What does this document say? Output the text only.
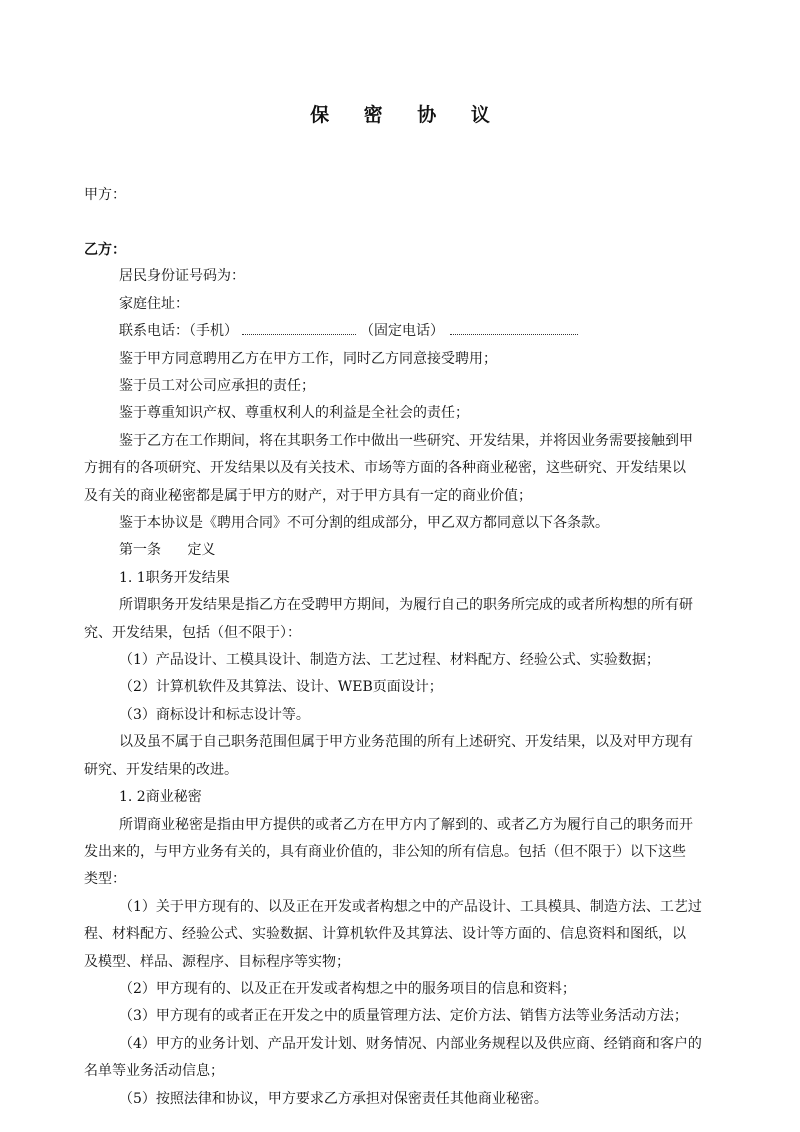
保 密 协 议
甲方：
乙方：
居民身份证号码为：
家庭住址：
联系电话：（手机）	（固定电话）
鉴于甲方同意聘用乙方在甲方工作，同时乙方同意接受聘用；
鉴于员工对公司应承担的责任；
鉴于尊重知识产权、尊重权利人的利益是全社会的责任；
鉴于乙方在工作期间，将在其职务工作中做出一些研究、开发结果，并将因业务需要接触到甲
方拥有的各项研究、开发结果以及有关技术、市场等方面的各种商业秘密，这些研究、开发结果以
及有关的商业秘密都是属于甲方的财产，对于甲方具有一定的商业价值；
鉴于本协议是《聘用合同》不可分割的组成部分，甲乙双方都同意以下各条款。
第一条 定义
1. 1职务开发结果
所谓职务开发结果是指乙方在受聘甲方期间，为履行自己的职务所完成的或者所构想的所有研
究、开发结果，包括（但不限于）：
（1）产品设计、工模具设计、制造方法、工艺过程、材料配方、经验公式、实验数据；
（2）计算机软件及其算法、设计、WEB页面设计；
（3）商标设计和标志设计等。
以及虽不属于自己职务范围但属于甲方业务范围的所有上述研究、开发结果，以及对甲方现有
研究、开发结果的改进。
1. 2商业秘密
所谓商业秘密是指由甲方提供的或者乙方在甲方内了解到的、或者乙方为履行自己的职务而开
发出来的，与甲方业务有关的，具有商业价值的，非公知的所有信息。包括（但不限于）以下这些
类型：
（1）关于甲方现有的、以及正在开发或者构想之中的产品设计、工具模具、制造方法、工艺过
程、材料配方、经验公式、实验数据、计算机软件及其算法、设计等方面的、信息资料和图纸，以
及模型、样品、源程序、目标程序等实物；
（2）甲方现有的、以及正在开发或者构想之中的服务项目的信息和资料；
（3）甲方现有的或者正在开发之中的质量管理方法、定价方法、销售方法等业务活动方法；
（4）甲方的业务计划、产品开发计划、财务情况、内部业务规程以及供应商、经销商和客户的
名单等业务活动信息；
（5）按照法律和协议，甲方要求乙方承担对保密责任其他商业秘密。
